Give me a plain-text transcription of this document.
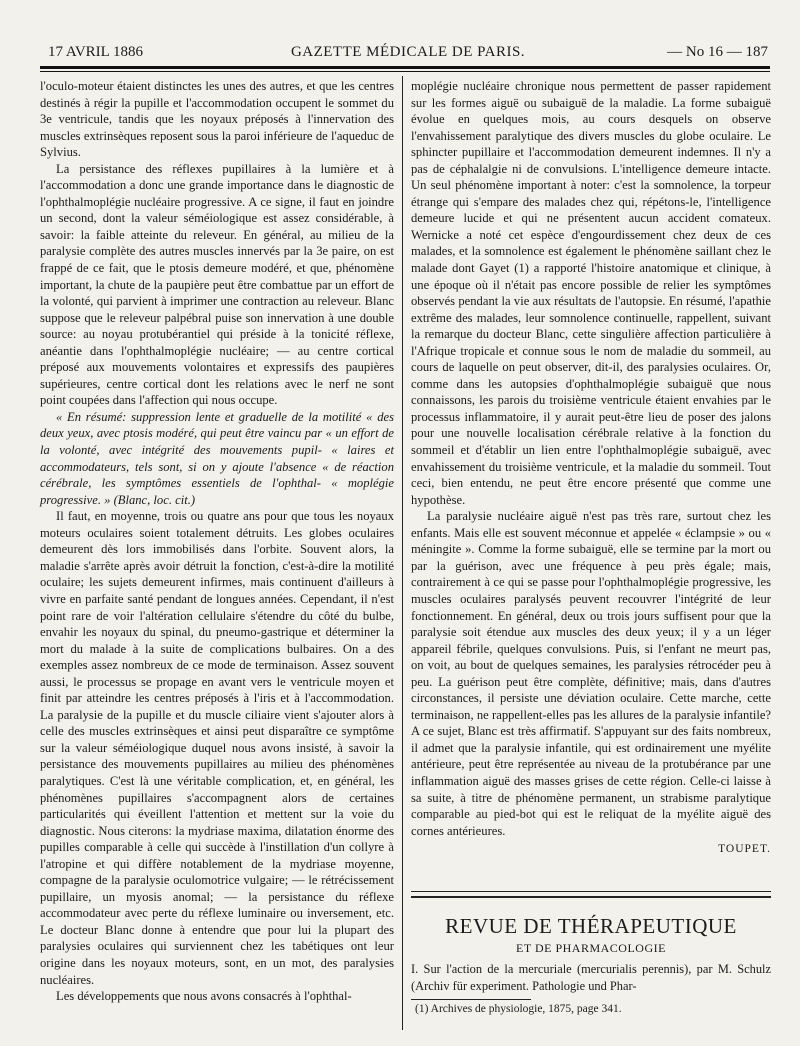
17 AVRIL 1886	GAZETTE MÉDICALE DE PARIS.	— No 16 — 187

l'oculo-moteur étaient distinctes les unes des autres, et que les centres destinés à régir la pupille et l'accommodation occupent le sommet du 3e ventricule, tandis que les noyaux préposés à l'innervation des muscles extrinsèques reposent sous la paroi inférieure de l'aqueduc de Sylvius.

La persistance des réflexes pupillaires à la lumière et à l'accommodation a donc une grande importance dans le diagnostic de l'ophthalmoplégie nucléaire progressive. A ce signe, il faut en joindre un second, dont la valeur séméiologique est assez considérable, à savoir: la faible atteinte du releveur. En général, au milieu de la paralysie complète des autres muscles innervés par la 3e paire, on est frappé de ce fait, que le ptosis demeure modéré, et que, phénomène important, la chute de la paupière peut être combattue par un effort de la volonté, qui parvient à imprimer une contraction au releveur. Blanc suppose que le releveur palpébral puise son innervation à une double source: au noyau protubérantiel qui préside à la tonicité réflexe, anéantie dans l'ophthalmoplégie nucléaire; — au centre cortical préposé aux mouvements volontaires et expressifs des paupières supérieures, centre cortical dont les relations avec le nerf ne sont point coupées dans l'affection qui nous occupe.

« En résumé: suppression lente et graduelle de la motilité « des deux yeux, avec ptosis modéré, qui peut être vaincu par « un effort de la volonté, avec intégrité des mouvements pupil- « laires et accommodateurs, tels sont, si on y ajoute l'absence « de réaction cérébrale, les symptômes essentiels de l'ophthal- « moplégie progressive. » (Blanc, loc. cit.)

Il faut, en moyenne, trois ou quatre ans pour que tous les noyaux moteurs oculaires soient totalement détruits. Les globes oculaires demeurent dès lors immobilisés dans l'orbite. Souvent alors, la maladie s'arrête après avoir détruit la fonction, c'est-à-dire la motilité oculaire; les sujets demeurent infirmes, mais continuent d'ailleurs à vivre en parfaite santé pendant de longues années. Cependant, il n'est point rare de voir l'altération cellulaire s'étendre du côté du bulbe, envahir les noyaux du spinal, du pneumo-gastrique et déterminer la mort du malade à la suite de complications bulbaires. On a des exemples assez nombreux de ce mode de terminaison. Assez souvent aussi, le processus se propage en avant vers le ventricule moyen et finit par atteindre les centres préposés à l'iris et à l'accommodation. La paralysie de la pupille et du muscle ciliaire vient s'ajouter alors à celle des muscles extrinsèques et ainsi peut disparaître ce symptôme sur la valeur séméiologique duquel nous avons insisté, à savoir la persistance des mouvements pupillaires au milieu des phénomènes paralytiques. C'est là une véritable complication, et, en général, les phénomènes pupillaires s'accompagnent alors de certaines particularités qui éveillent l'attention et mettent sur la voie du diagnostic. Nous citerons: la mydriase maxima, dilatation énorme des pupilles comparable à celle qui succède à l'instillation d'un collyre à l'atropine et qui diffère notablement de la mydriase moyenne, compagne de la paralysie oculomotrice vulgaire; — le rétrécissement pupillaire, un myosis anomal; — la persistance du réflexe accommodateur avec perte du réflexe luminaire ou inversement, etc. Le docteur Blanc donne à entendre que pour lui la plupart des paralysies oculaires qui surviennent chez les tabétiques ont leur origine dans les noyaux moteurs, sont, en un mot, des paralysies nucléaires.

Les développements que nous avons consacrés à l'ophthal-

moplégie nucléaire chronique nous permettent de passer rapidement sur les formes aiguë ou subaiguë de la maladie. La forme subaiguë évolue en quelques mois, au cours desquels on observe l'envahissement paralytique des divers muscles du globe oculaire. Le sphincter pupillaire et l'accommodation demeurent indemnes. Il n'y a pas de céphalalgie ni de convulsions. L'intelligence demeure intacte. Un seul phénomène important à noter: c'est la somnolence, la torpeur étrange qui s'empare des malades chez qui, répétons-le, l'intelligence demeure lucide et qui ne présentent aucun accident comateux. Wernicke a noté cet espèce d'engourdissement chez deux de ces malades, et la somnolence est également le phénomène saillant chez le malade dont Gayet (1) a rapporté l'histoire anatomique et clinique, à une époque où il n'était pas encore possible de relier les symptômes observés pendant la vie aux résultats de l'autopsie. En résumé, l'apathie extrême des malades, leur somnolence continuelle, rappellent, suivant la remarque du docteur Blanc, cette singulière affection particulière à l'Afrique tropicale et connue sous le nom de maladie du sommeil, au cours de laquelle on peut observer, dit-il, des paralysies oculaires. Or, comme dans les autopsies d'ophthalmoplégie subaiguë que nous connaissons, les parois du troisième ventricule étaient envahies par le processus inflammatoire, il y aurait peut-être lieu de poser des jalons pour une nouvelle localisation cérébrale relative à la fonction du sommeil et d'établir un lien entre l'ophthalmoplégie subaiguë, avec envahissement du troisième ventricule, et la maladie du sommeil. Tout ceci, bien entendu, ne peut être encore présenté que comme une hypothèse.

La paralysie nucléaire aiguë n'est pas très rare, surtout chez les enfants. Mais elle est souvent méconnue et appelée « éclampsie » ou « méningite ». Comme la forme subaiguë, elle se termine par la mort ou par la guérison, avec une fréquence à peu près égale; mais, contrairement à ce qui se passe pour l'ophthalmoplégie progressive, les muscles oculaires paralysés peuvent recouvrer l'intégrité de leur fonctionnement. En général, deux ou trois jours suffisent pour que la paralysie soit étendue aux muscles des deux yeux; il y a un léger appareil fébrile, quelques convulsions. Puis, si l'enfant ne meurt pas, on voit, au bout de quelques semaines, les paralysies rétrocéder peu à peu. La guérison peut être complète, définitive; mais, dans d'autres circonstances, il persiste une déviation oculaire. Cette marche, cette terminaison, ne rappellent-elles pas les allures de la paralysie infantile? A ce sujet, Blanc est très affirmatif. S'appuyant sur des faits nombreux, il admet que la paralysie infantile, qui est ordinairement une myélite antérieure, peut être représentée au niveau de la protubérance par une inflammation aiguë des masses grises de cette région. Celle-ci laisse à sa suite, à titre de phénomène permanent, un strabisme paralytique comparable au pied-bot qui est le reliquat de la myélite aiguë des cornes antérieures.

TOUPET.
REVUE DE THÉRAPEUTIQUE
ET DE PHARMACOLOGIE
I. Sur l'action de la mercuriale (mercurialis perennis), par M. Schulz (Archiv für experiment. Pathologie und Phar-
(1) Archives de physiologie, 1875, page 341.
